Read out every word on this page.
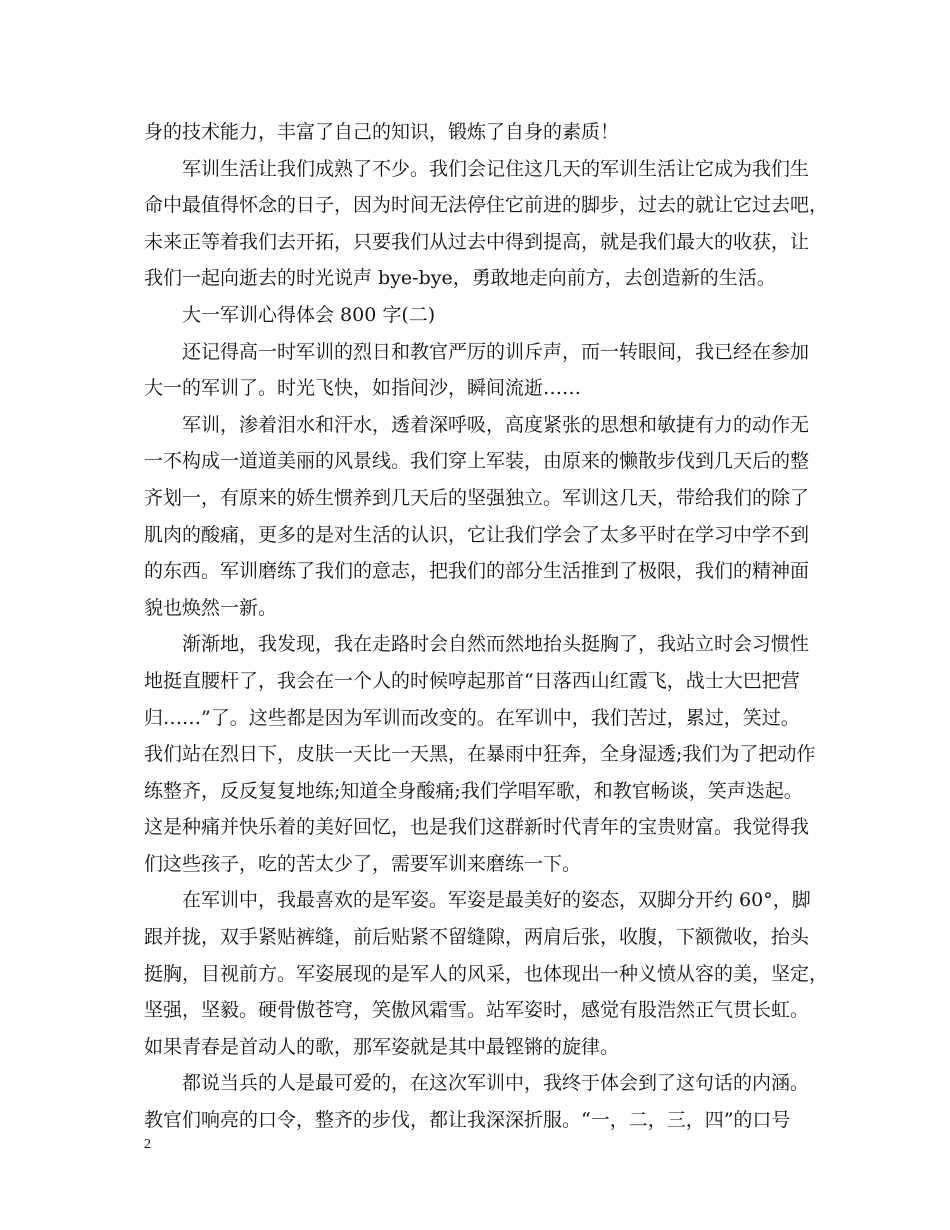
身的技术能力，丰富了自己的知识，锻炼了自身的素质！
军训生活让我们成熟了不少。我们会记住这几天的军训生活让它成为我们生
命中最值得怀念的日子，因为时间无法停住它前进的脚步，过去的就让它过去吧，
未来正等着我们去开拓，只要我们从过去中得到提高，就是我们最大的收获，让
我们一起向逝去的时光说声 bye-bye，勇敢地走向前方，去创造新的生活。
大一军训心得体会 800 字(二)
还记得高一时军训的烈日和教官严厉的训斥声，而一转眼间，我已经在参加
大一的军训了。时光飞快，如指间沙，瞬间流逝……
军训，渗着泪水和汗水，透着深呼吸，高度紧张的思想和敏捷有力的动作无
一不构成一道道美丽的风景线。我们穿上军装，由原来的懒散步伐到几天后的整
齐划一，有原来的娇生惯养到几天后的坚强独立。军训这几天，带给我们的除了
肌肉的酸痛，更多的是对生活的认识，它让我们学会了太多平时在学习中学不到
的东西。军训磨练了我们的意志，把我们的部分生活推到了极限，我们的精神面
貌也焕然一新。
渐渐地，我发现，我在走路时会自然而然地抬头挺胸了，我站立时会习惯性
地挺直腰杆了，我会在一个人的时候哼起那首“日落西山红霞飞，战士大巴把营
归……”了。这些都是因为军训而改变的。在军训中，我们苦过，累过，笑过。
我们站在烈日下，皮肤一天比一天黑，在暴雨中狂奔，全身湿透;我们为了把动作
练整齐，反反复复地练;知道全身酸痛;我们学唱军歌，和教官畅谈，笑声迭起。
这是种痛并快乐着的美好回忆，也是我们这群新时代青年的宝贵财富。我觉得我
们这些孩子，吃的苦太少了，需要军训来磨练一下。
在军训中，我最喜欢的是军姿。军姿是最美好的姿态，双脚分开约 60°，脚
跟并拢，双手紧贴裤缝，前后贴紧不留缝隙，两肩后张，收腹，下额微收，抬头
挺胸，目视前方。军姿展现的是军人的风采，也体现出一种义愤从容的美，坚定，
坚强，坚毅。硬骨傲苍穹，笑傲风霜雪。站军姿时，感觉有股浩然正气贯长虹。
如果青春是首动人的歌，那军姿就是其中最铿锵的旋律。
都说当兵的人是最可爱的，在这次军训中，我终于体会到了这句话的内涵。
教官们响亮的口令，整齐的步伐，都让我深深折服。“一，二，三，四”的口号
2
